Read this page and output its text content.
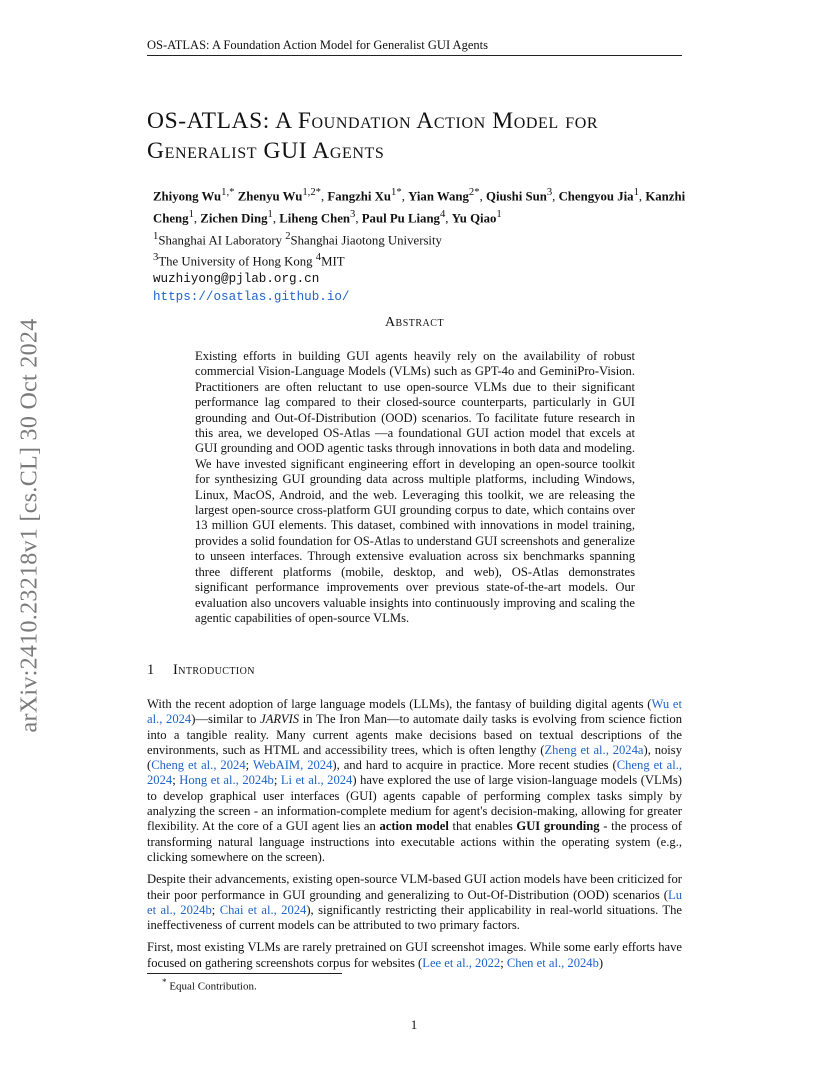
OS-ATLAS: A Foundation Action Model for Generalist GUI Agents
arXiv:2410.23218v1 [cs.CL] 30 Oct 2024
OS-ATLAS: A Foundation Action Model for
Generalist GUI Agents
Zhiyong $Wu^{1,*}$ Zhenyu $Wu^{1,2*}$, Fangzhi $Xu^{1*}$, Yian Wang$^{2*}$, Qiushi Sun$^3$, Chengyou Jia$^1$, Kanzhi Cheng$^1$, Zichen Ding$^1$, Liheng Chen$^3$, Paul Pu Liang$^4$, Yu Qiao$^1$
$^1$Shanghai AI Laboratory $^2$Shanghai Jiaotong University
$^3$The University of Hong Kong $^4$MIT
wuzhiyong@pjlab.org.cn
https://osatlas.github.io/
Abstract
Existing efforts in building GUI agents heavily rely on the availability of robust commercial Vision-Language Models (VLMs) such as GPT-4o and GeminiPro-Vision. Practitioners are often reluctant to use open-source VLMs due to their significant performance lag compared to their closed-source counterparts, particularly in GUI grounding and Out-Of-Distribution (OOD) scenarios. To facilitate future research in this area, we developed OS-Atlas —a foundational GUI action model that excels at GUI grounding and OOD agentic tasks through innovations in both data and modeling. We have invested significant engineering effort in developing an open-source toolkit for synthesizing GUI grounding data across multiple platforms, including Windows, Linux, MacOS, Android, and the web. Leveraging this toolkit, we are releasing the largest open-source cross-platform GUI grounding corpus to date, which contains over 13 million GUI elements. This dataset, combined with innovations in model training, provides a solid foundation for OS-Atlas to understand GUI screenshots and generalize to unseen interfaces. Through extensive evaluation across six benchmarks spanning three different platforms (mobile, desktop, and web), OS-Atlas demonstrates significant performance improvements over previous state-of-the-art models. Our evaluation also uncovers valuable insights into continuously improving and scaling the agentic capabilities of open-source VLMs.
1 Introduction

With the recent adoption of large language models (LLMs), the fantasy of building digital agents (Wu et al., 2024)—similar to JARVIS in The Iron Man—to automate daily tasks is evolving from science fiction into a tangible reality. Many current agents make decisions based on textual descriptions of the environments, such as HTML and accessibility trees, which is often lengthy (Zheng et al., 2024a), noisy (Cheng et al., 2024; WebAIM, 2024), and hard to acquire in practice. More recent studies (Cheng et al., 2024; Hong et al., 2024b; Li et al., 2024) have explored the use of large vision-language models (VLMs) to develop graphical user interfaces (GUI) agents capable of performing complex tasks simply by analyzing the screen - an information-complete medium for agent's decision-making, allowing for greater flexibility. At the core of a GUI agent lies an action model that enables GUI grounding - the process of transforming natural language instructions into executable actions within the operating system (e.g., clicking somewhere on the screen).

Despite their advancements, existing open-source VLM-based GUI action models have been criticized for their poor performance in GUI grounding and generalizing to Out-Of-Distribution (OOD) scenarios (Lu et al., 2024b; Chai et al., 2024), significantly restricting their applicability in real-world situations. The ineffectiveness of current models can be attributed to two primary factors.

First, most existing VLMs are rarely pretrained on GUI screenshot images. While some early efforts have focused on gathering screenshots corpus for websites (Lee et al., 2022; Chen et al., 2024b)

* Equal Contribution.
1
